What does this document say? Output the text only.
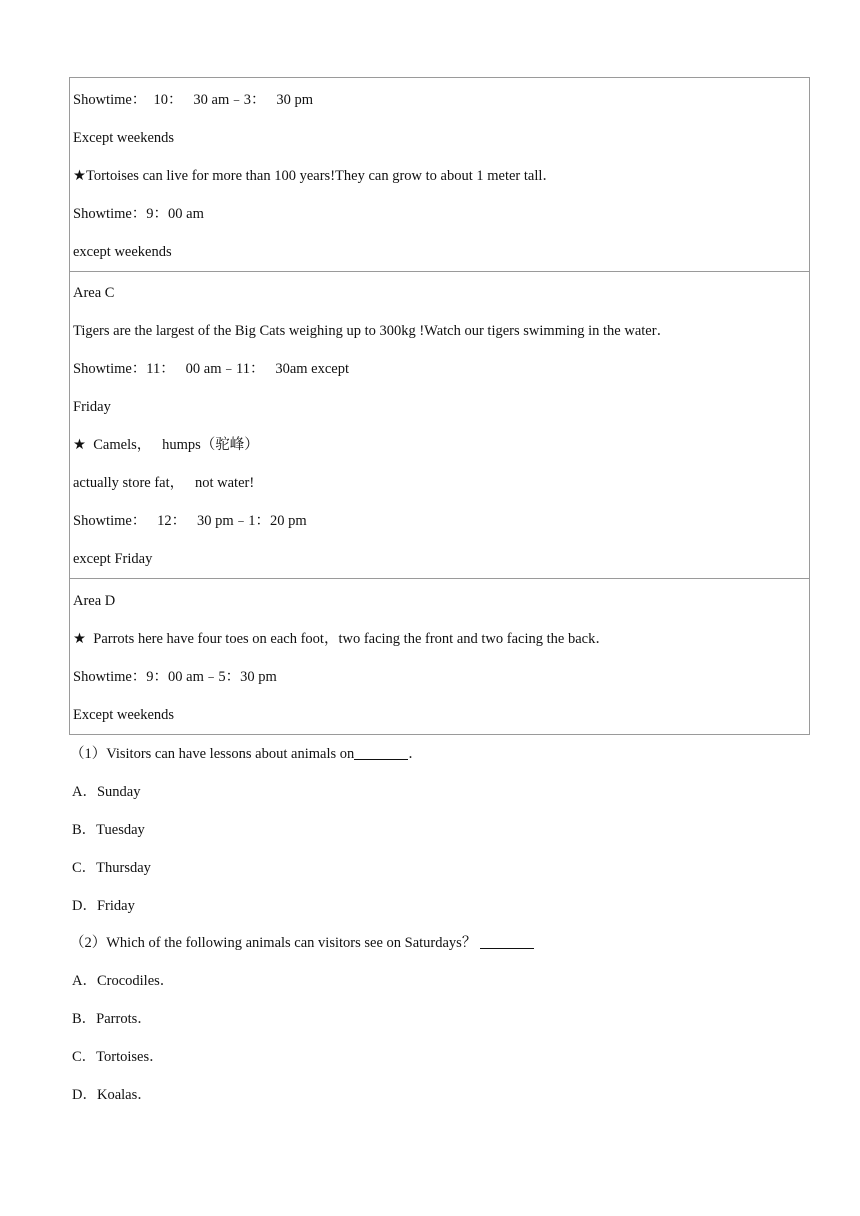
Showtime：  10：   30 am﹣3：   30 pm
Except weekends
★Tortoises can live for more than 100 years!They can grow to about 1 meter tall．
Showtime：9：00 am
except weekends
Area C
Tigers are the largest of the Big Cats weighing up to 300kg !Watch our tigers swimming in the water．
Showtime：11：   00 am﹣11：   30am except
Friday
★  Camels，   humps（驼峰）
actually store fat，   not water!
Showtime：   12：   30 pm﹣1：20 pm
except Friday
Area D
★  Parrots here have four toes on each foot，two facing the front and two facing the back．
Showtime：9：00 am﹣5：30 pm
Except weekends
（1）Visitors can have lessons about animals on	．
A．Sunday
B．Tuesday
C．Thursday
D．Friday
（2）Which of the following animals can visitors see on Saturdays？
A．Crocodiles．
B．Parrots．
C．Tortoises．
D．Koalas．
